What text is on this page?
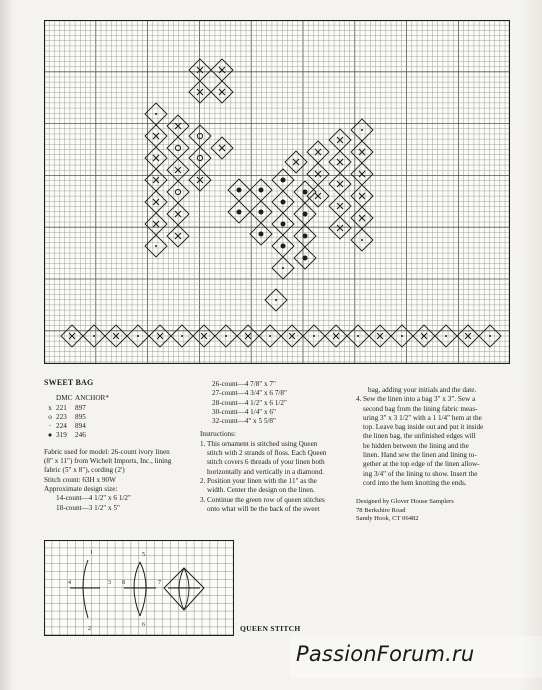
SWEET BAG

DMC ANCHOR*
x 221	897
o 223	895
· 224	894
● 319	246

Fabric used for model: 26-count ivory linen

(8" x 11") from Wichelt Imports, Inc., lining

fabric (5" x 8"), cording (2')

Stitch count: 63H x 90W

Approximate design size:

14-count—4 1/2" x 6 1/2"

18-count—3 1/2" x 5"

26-count—4 7/8" x 7"

27-count—4 3/4" x 6 7/8"

28-count—4 1/2" x 6 1/2"

30-count—4 1/4" x 6"

32-count—4" x 5 5/8"

Instructions:

1. This ornament is stitched using Queen

stitch with 2 strands of floss. Each Queen

stitch covers 6 threads of your linen both

horizontally and vertically in a diamond.

2. Position your linen with the 11" as the

width. Center the design on the linen.

3. Continue the green row of queen stitches

onto what will be the back of the sweet

bag, adding your initials and the date.

4. Sew the linen into a bag 3" x 3". Sew a

second bag from the lining fabric meas-

uring 3" x 3 1/2" with a 1 1/4" hem at the

top. Leave bag inside out and put it inside

the linen bag, the unfinished edges will

be hidden between the lining and the

linen. Hand sew the linen and lining to-

gether at the top edge of the linen allow-

ing 3/4" of the lining to show. Insert the

cord into the hem knotting the ends.

Designed by Glover House Samplers

78 Berkshire Road

Sandy Hook, CT 06482

1
2
3
4
5
6
7
8
QUEEN STITCH
PassionForum.ru
